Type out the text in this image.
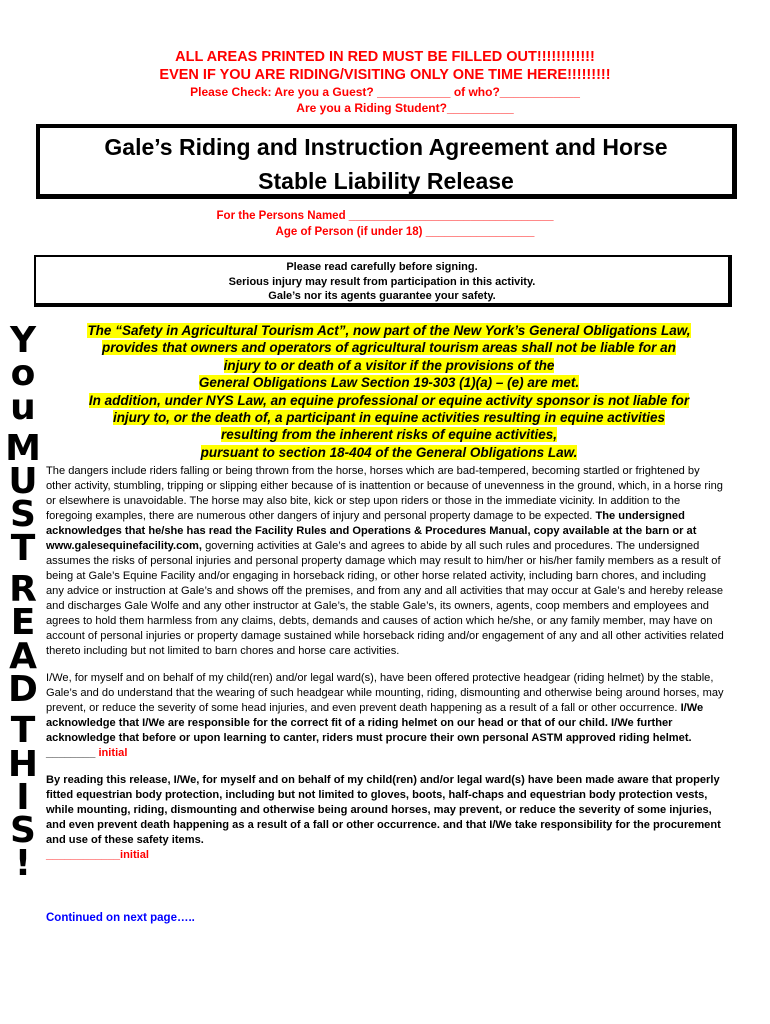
ALL AREAS PRINTED IN RED MUST BE FILLED OUT!!!!!!!!!!!!
EVEN IF YOU ARE RIDING/VISITING ONLY ONE TIME HERE!!!!!!!!!
Please Check: Are you a Guest? ___________ of who?____________
Are you a Riding Student?__________
Gale’s Riding and Instruction Agreement and Horse
Stable Liability Release
For the Persons Named ________________________________
Age of Person (if under 18) _________________
Please read carefully before signing.
Serious injury may result from participation in this activity.
Gale’s nor its agents guarantee your safety.
Y
o
u
M
U
S
T
R
E
A
D
T
H
I
S
!
The “Safety in Agricultural Tourism Act”, now part of the New York’s General Obligations Law,
provides that owners and operators of agricultural tourism areas shall not be liable for an
injury to or death of a visitor if the provisions of the
General Obligations Law Section 19-303 (1)(a) – (e) are met.
In addition, under NYS Law, an equine professional or equine activity sponsor is not liable for
injury to, or the death of, a participant in equine activities resulting in equine activities
resulting from the inherent risks of equine activities,
pursuant to section 18-404 of the General Obligations Law.

The dangers include riders falling or being thrown from the horse, horses which are bad-tempered, becoming startled or frightened by other activity, stumbling, tripping or slipping either because of is inattention or because of unevenness in the ground, which, in a horse ring or elsewhere is unavoidable. The horse may also bite, kick or step upon riders or those in the immediate vicinity. In addition to the foregoing examples, there are numerous other dangers of injury and personal property damage to be expected. The undersigned acknowledges that he/she has read the Facility Rules and Operations & Procedures Manual, copy available at the barn or at www.galesequinefacility.com, governing activities at Gale’s and agrees to abide by all such rules and procedures. The undersigned assumes the risks of personal injuries and personal property damage which may result to him/her or his/her family members as a result of being at Gale’s Equine Facility and/or engaging in horseback riding, or other horse related activity, including barn chores, and including any advice or instruction at Gale’s and shows off the premises, and from any and all activities that may occur at Gale’s and hereby release and discharges Gale Wolfe and any other instructor at Gale’s, the stable Gale’s, its owners, agents, coop members and employees and agrees to hold them harmless from any claims, debts, demands and causes of action which he/she, or any family member, may have on account of personal injuries or property damage sustained while horseback riding and/or engagement of any and all other activities related thereto including but not limited to barn chores and horse care activities.

I/We, for myself and on behalf of my child(ren) and/or legal ward(s), have been offered protective headgear (riding helmet) by the stable, Gale’s and do understand that the wearing of such headgear while mounting, riding, dismounting and otherwise being around horses, may prevent, or reduce the severity of some head injuries, and even prevent death happening as a result of a fall or other occurrence. I/We acknowledge that I/We are responsible for the correct fit of a riding helmet on our head or that of our child. I/We further acknowledge that before or upon learning to canter, riders must procure their own personal ASTM approved riding helmet. ________ initial

By reading this release, I/We, for myself and on behalf of my child(ren) and/or legal ward(s) have been made aware that properly fitted equestrian body protection, including but not limited to gloves, boots, half-chaps and equestrian body protection vests, while mounting, riding, dismounting and otherwise being around horses, may prevent, or reduce the severity of some injuries, and even prevent death happening as a result of a fall or other occurrence. and that I/We take responsibility for the procurement and use of these safety items.
____________initial

Continued on next page…..
